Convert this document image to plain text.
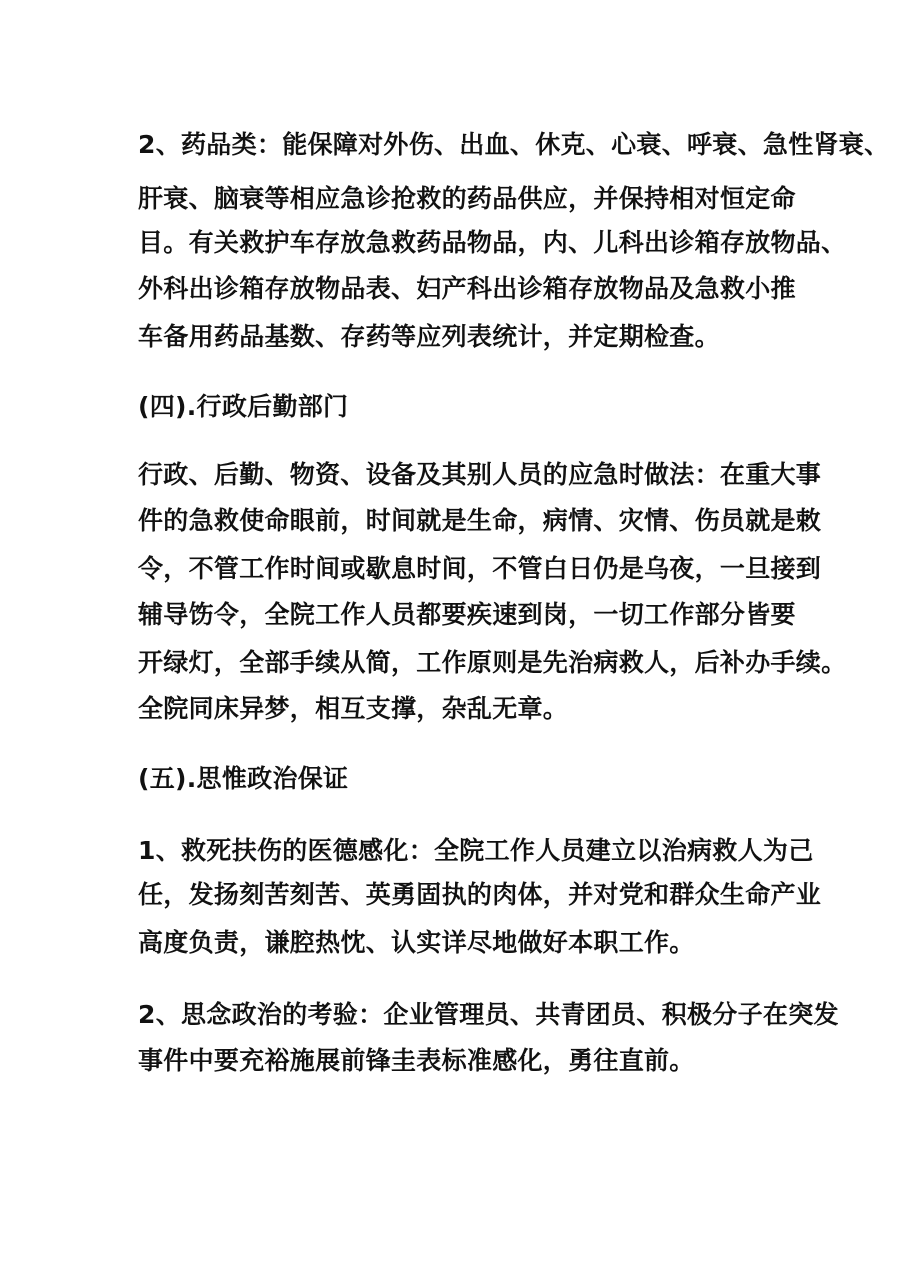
2、药品类：能保障对外伤、出血、休克、心衰、呼衰、急性肾衰、
肝衰、脑衰等相应急诊抢救的药品供应，并保持相对恒定命
目。有关救护车存放急救药品物品，内、儿科出诊箱存放物品、
外科出诊箱存放物品表、妇产科出诊箱存放物品及急救小推
车备用药品基数、存药等应列表统计，并定期检查。
(四).行政后勤部门
行政、后勤、物资、设备及其别人员的应急时做法：在重大事
件的急救使命眼前，时间就是生命，病情、灾情、伤员就是敕
令，不管工作时间或歇息时间，不管白日仍是乌夜，一旦接到
辅导饬令，全院工作人员都要疾速到岗，一切工作部分皆要
开绿灯，全部手续从简，工作原则是先治病救人，后补办手续。
全院同床异梦，相互支撑，杂乱无章。
(五).思惟政治保证
1、救死扶伤的医德感化：全院工作人员建立以治病救人为己
任，发扬刻苦刻苦、英勇固执的肉体，并对党和群众生命产业
高度负责，谦腔热忱、认实详尽地做好本职工作。
2、思念政治的考验：企业管理员、共青团员、积极分子在突发
事件中要充裕施展前锋圭表标准感化，勇往直前。
